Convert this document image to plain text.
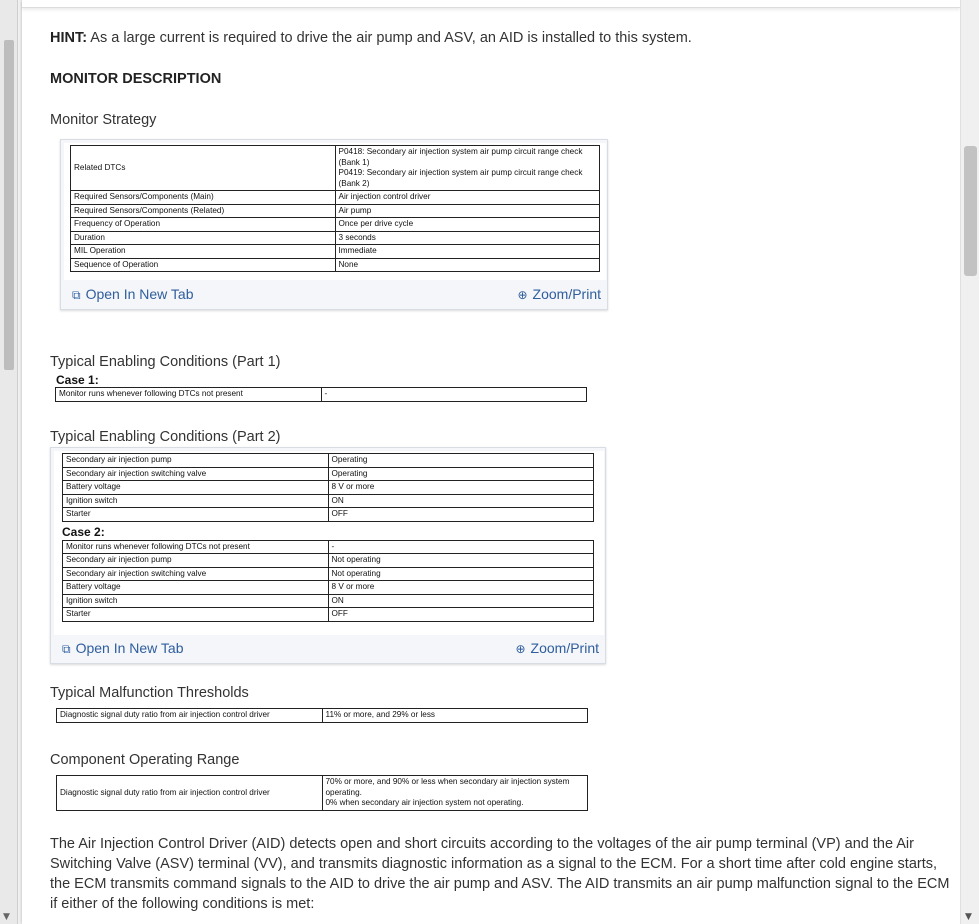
▼
HINT: As a large current is required to drive the air pump and ASV, an AID is installed to this system.
MONITOR DESCRIPTION
Monitor Strategy
Related DTCs	P0418: Secondary air injection system air pump circuit range check (Bank 1)
P0419: Secondary air injection system air pump circuit range check (Bank 2)
Required Sensors/Components (Main)	Air injection control driver
Required Sensors/Components (Related)	Air pump
Frequency of Operation	Once per drive cycle
Duration	3 seconds
MIL Operation	Immediate
Sequence of Operation	None
⧉ Open In New Tab	⊕ Zoom/Print
Typical Enabling Conditions (Part 1)
Case 1:
Monitor runs whenever following DTCs not present	-
Typical Enabling Conditions (Part 2)
Secondary air injection pump	Operating
Secondary air injection switching valve	Operating
Battery voltage	8 V or more
Ignition switch	ON
Starter	OFF
Case 2:
Monitor runs whenever following DTCs not present	-
Secondary air injection pump	Not operating
Secondary air injection switching valve	Not operating
Battery voltage	8 V or more
Ignition switch	ON
Starter	OFF
⧉ Open In New Tab	⊕ Zoom/Print
Typical Malfunction Thresholds
Diagnostic signal duty ratio from air injection control driver	11% or more, and 29% or less
Component Operating Range
Diagnostic signal duty ratio from air injection control driver	70% or more, and 90% or less when secondary air injection system operating.
0% when secondary air injection system not operating.
The Air Injection Control Driver (AID) detects open and short circuits according to the voltages of the air pump terminal (VP) and the Air Switching Valve (ASV) terminal (VV), and transmits diagnostic information as a signal to the ECM. For a short time after cold engine starts, the ECM transmits command signals to the AID to drive the air pump and ASV. The AID transmits an air pump malfunction signal to the ECM if either of the following conditions is met:
▼
